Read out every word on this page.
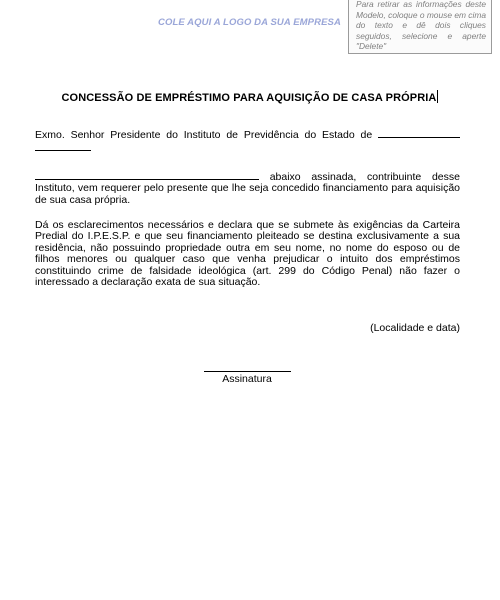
COLE AQUI A LOGO DA SUA EMPRESA

Para retirar as informações deste Modelo, coloque o mouse em cima do texto e dê dois cliques seguidos, selecione e aperte "Delete"

CONCESSÃO DE EMPRÉSTIMO PARA AQUISIÇÃO DE CASA PRÓPRIA

Exmo. Senhor Presidente do Instituto de Previdência do Estado de

abaixo assinada, contribuinte desse Instituto, vem requerer pelo presente que lhe seja concedido financiamento para aquisição de sua casa própria.

Dá os esclarecimentos necessários e declara que se submete às exigências da Carteira Predial do I.P.E.S.P. e que seu financiamento pleiteado se destina exclusivamente a sua residência, não possuindo propriedade outra em seu nome, no nome do esposo ou de filhos menores ou qualquer caso que venha prejudicar o intuito dos empréstimos constituindo crime de falsidade ideológica (art. 299 do Código Penal) não fazer o interessado a declaração exata de sua situação.

(Localidade e data)

Assinatura
